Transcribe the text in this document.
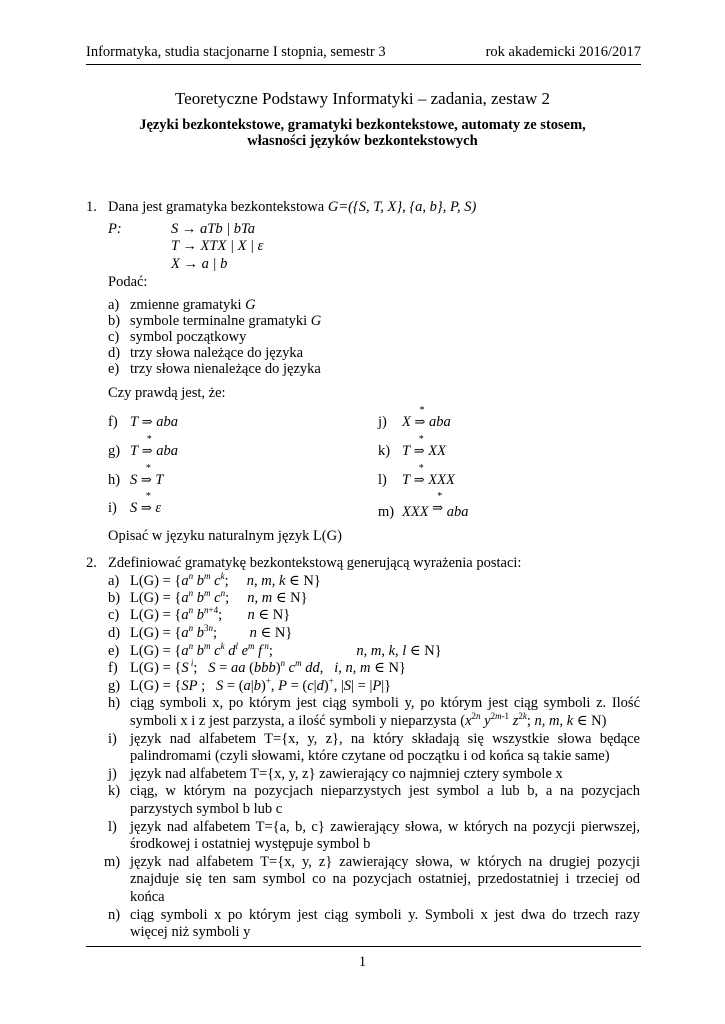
Informatyka, studia stacjonarne I stopnia, semestr 3	rok akademicki 2016/2017
Teoretyczne Podstawy Informatyki – zadania, zestaw 2
Języki bezkontekstowe, gramatyki bezkontekstowe, automaty ze stosem,
własności języków bezkontekstowych
1. Dana jest gramatyka bezkontekstowa G=({S, T, X}, {a, b}, P, S)
P:	S → aTb | bTa
T → XTX | X | ε
X → a | b
Podać:
a) zmienne gramatyki G
b) symbole terminalne gramatyki G
c) symbol początkowy
d) trzy słowa należące do języka
e) trzy słowa nienależące do języka
Czy prawdą jest, że:
f) T ⇒ aba
g) T
*
⇒ aba
h) S
*
⇒ T
i) S
*
⇒ ε
j) X
*
⇒ aba
k) T
*
⇒ XX
l) T
*
⇒ XXX
m) XXX
*
⇒ aba
Opisać w języku naturalnym język L(G)
2. Zdefiniować gramatykę bezkontekstową generującą wyrażenia postaci:
a) $L(G) = \{a^n$ $b^m$ $c^k$;     n, m, k ∈ N}
b) $L(G) = \{a^n$ $b^m$ $c^n$;     n, m ∈ N}
c) $L(G) = \{a^n$ $b^{n+4}$;       n ∈ N}
d) $L(G) = \{a^n$ $b^{3n}$;         n ∈ N}
e) $L(G) = \{a^n$ $b^m$ $c^k$ $d^l$ $e^m$ f $^n$;                       n, m, k, l ∈ N}
f) L(G) = {S $^i$;   S = aa (bbb)$^n$ $c^m$ dd,   i, n, m ∈ N}
g) L(G) = {SP ;   S = (a|b)+, P = (c|d)+, |S| = |P|}
h) ciąg symboli x, po którym jest ciąg symboli y, po którym jest ciąg symboli z. Ilość
symboli x i z jest parzysta, a ilość symboli y nieparzysta ($x^{2n}$ $y^{2m-1}$ $z^{2k}$; n, m, k ∈ N)
i) język nad alfabetem T={x, y, z}, na który składają się wszystkie słowa będące
palindromami (czyli słowami, które czytane od początku i od końca są takie same)
j) język nad alfabetem T={x, y, z} zawierający co najmniej cztery symbole x
k) ciąg, w którym na pozycjach nieparzystych jest symbol a lub b, a na pozycjach
parzystych symbol b lub c
l) język nad alfabetem T={a, b, c} zawierający słowa, w których na pozycji pierwszej,
środkowej i ostatniej występuje symbol b
m) język nad alfabetem T={x, y, z} zawierający słowa, w których na drugiej pozycji
znajduje się ten sam symbol co na pozycjach ostatniej, przedostatniej i trzeciej od
końca
n) ciąg symboli x po którym jest ciąg symboli y. Symboli x jest dwa do trzech razy
więcej niż symboli y
1
